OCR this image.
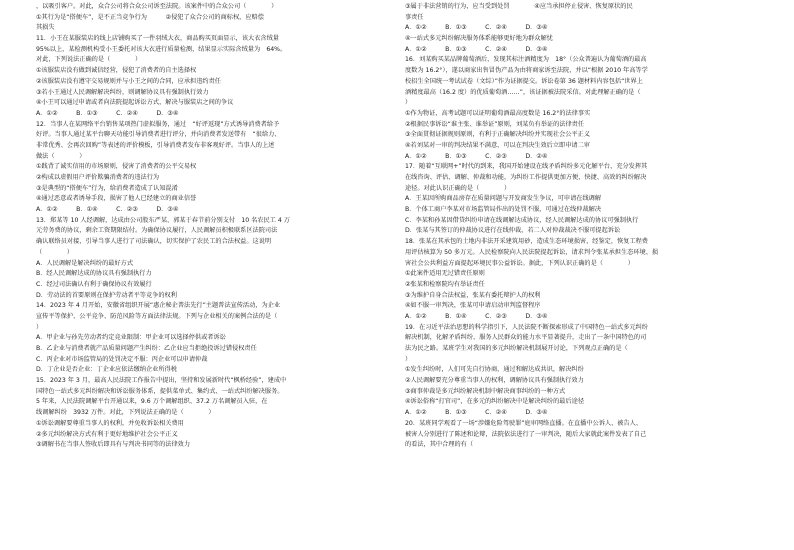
，以吸引客户。对此，众合公司将合众公司诉至法院。该案件中的合众公司（　　　　）
①其行为是“搭便车”，是不正当竞争行为　　　②侵犯了众合公司的商标权，应赔偿
其损失
11．小王在某服装店的线上店铺购买了一件羽绒大衣，商品购买页面显示，该大衣含绒量
95%以上，某检测机构受小王委托对该大衣进行质量检测，结果显示实际含绒量为　64%。
对此，下列说法正确的是（　　　　）
①该服装店没有做到诚信经营，侵犯了消费者的自主选择权
②该服装店没有遵守交易规则并与小王之间的合同，应承担违约责任
③若小王通过人民调解解决纠纷，则调解协议具有强制执行效力
④小王可以通过申请或者向法院提起诉讼方式，解决与服装店之间的争议
A．①②　　　B．①③　　　C．②④　　　D．③④
12．当事人在某网络平台销售某项热门虚拟服务，通过　“好评返现”方式诱导消费者给予
好评。当事人通过某平台聊天功能引导消费者进行评分，并向消费者发送带有　“很给力、
非常优秀、会再次回购”等表述的评价模板，引导消费者发布非客观好评。当事人的上述
做法（　　　　）
①践背了诚实信用的市场原则，侵害了消费者的公平交易权
②构成以虚假用户评价欺骗消费者的违法行为
③是典型的“搭便车”行为，给消费者造成了认知混淆
④通过恶意或者诱导手段，损害了他人已经建立的商业信誉
A．①②　　　B．①④　　　C．②③　　　D．③④
13．郑某等 10 人经调解，达成由公司股东严某、郭某于春节前分别支付　10 名农民工 4 万
元劳务费的协议，剩余工资期限结付。为确保协议履行，人民调解员积极联系区法院司法
确认联络员对接，引导当事人进行了司法确认，切实保护了农民工的合法权益。这说明
（　　　　）
A．人民调解是解决纠纷的最好方式
B．经人民调解达成的协议具有强制执行力
C．经过司法确认有利于确保协议有效履行
D．劳动法的首要原则在保护劳动者平等竞争的权利
14．2023 年 4 月开始，安徽省组织开展“惠企秘企普法先行”主题普法宣传活动，为企业
宣传平等保护、公平竞争、防范风险等方面法律法规。下列与企业相关的案例合法的是（
）
A．甲企业与孙先劳动者约定竞业限制：甲企业可以选择停供或者诉讼
B．乙企业与消费者就产品质量问题产生纠纷：乙企业应当拒绝投诉过错侵权责任
C．丙企业对市场监管局的处罚决定不服：丙企业可以申请仲裁
D．丁企业是否企业：丁企业应依法缴纳企业所得税
15．2023 年 3 月，最高人民法院工作报告中提出，坚持和发展新时代“枫桥经验”，建成中
国特色一站式多元纠纷解决和诉讼服务体系，提供菜单式、集约式、一站式纠纷解决服务。
5 年来，人民法院调解平台开通以来，9.6 万个调解组织、37.2 万名调解员入驻，在
线调解纠纷　3932 万件。对此，下列说法正确的是（　　　　）
①诉讼调解要尊重当事人的权利，并免收诉讼相关费用
②多元纠纷解决方式有利于更好地维护社会公平正义
③调解书在当事人签收后即具有与判决书同等的法律效力
③属于非法营销的行为，应当受到处罚　　　　④应当承担停止侵害、恢复原状的民
事责任
A．①②　　　B．①③　　　C．②④　　　D．③④
④一站式多元纠纷解决服务体系能够更好地为群众解忧
A．①②　　　B．①③　　　C．②④　　　D．③④
16．刘某购买某品牌葡萄酒后，发现其标注酒精度为　18°（公众普遍认为葡萄酒的最高
度数为 16.2°），遂以商家出售冒伪产品为由将商家诉至法院，并以“根据 2010 年高等学
校招生全国统一考试试卷（文综）”作为证据提交。诉讼卷第 36 题材料内容包括“世界上
酒精度最高（16.2 度）的优质葡萄酒……”，该证据被法院采信。对此理解正确的是（
）
①作为物证，高考试题可以证明葡萄酒最高度数是 16.2°的法律事实
②根据民事诉讼“谁主张、谁举证”原则，刘某负有举证的法律责任
③全面贯彻证据规则原则，有利于正确解决纠纷并实现社会公平正义
④若刘某对一审的判决结果不满意，可以在判决生效后立即申请二审
A．①②　　　B．①③　　　C．②③　　　D．②④
17．随着“互联网+”时代的到来，我国开始建设在线矛盾纠纷多元化解平台，充分发挥其
在线咨询、评估、调解、仲裁和功能，为纠纷工作提供更加方便、快捷、高效的纠纷解决
途径。对此认识正确的是（　　　　）
A．王某因所购商品房存在质量问题与开发商发生争议，可申请在线调解
B．个体工商户李某对市场监管局作出的处罚不服，可通过在线仲裁解决
C．李某和孙某因借贷纠纷申请在线调解达成协议，经人民调解达成的协议可强制执行
D．张某与其签订的仲裁协议进行在线仲裁，若二人对仲裁裁决不服可提起诉讼
18．张某在其承包的土地内非法开采建筑用砂，造成生态环境损害，经鉴定，恢复工程费
用评估核算为 50 多万元。人民检察院向人民法院提起诉讼，请求判令张某承担生态环境、损
害社会公共利益方面提起环境民事公益诉讼。据此，下列认识正确的是（　　　　）
①此案件适用无过错责任原则
②张某和检察院均有举证责任
③为维护自身合法权益，张某有委托辩护人的权利
④如不服一审判决，张某可申请启动审判监督程序
A．①②　　　B．①④　　　C．②③　　　D．③④
19．在习近平法治思想的科学指引下，人民法院不断探索形成了中国特色一站式多元纠纷
解决机制，化解矛盾纠纷、服务人民群众的能力水平显著提升，走出了一条中国特色的司
法为民之路。某班学生对我国的多元纠纷解决机制展开讨论，下列观点正确的是（
）
①发生纠纷时，人们可先自行协商，通过和解达成共识，解决纠纷
②人民调解要充分尊重当事人的权利，调解协议具有强制执行效力
③商事仲裁是多元纠纷解决机制中解决商事纠纷的一种方式
④诉讼俗称“打官司”，在多元的纠纷解决中是解决纠纷的最后途径
A．①②　　　B．①③　　　C．②④　　　D．③④
20．某班同学观看了一场“涉嫌危险驾驶罪”庭审网络直播。在直播中公诉人、被告人、
被害人分别进行了陈述和论辩，法院依法进行了一审判决，随后大家就此案件发表了自己
的看法，其中合理的有（
